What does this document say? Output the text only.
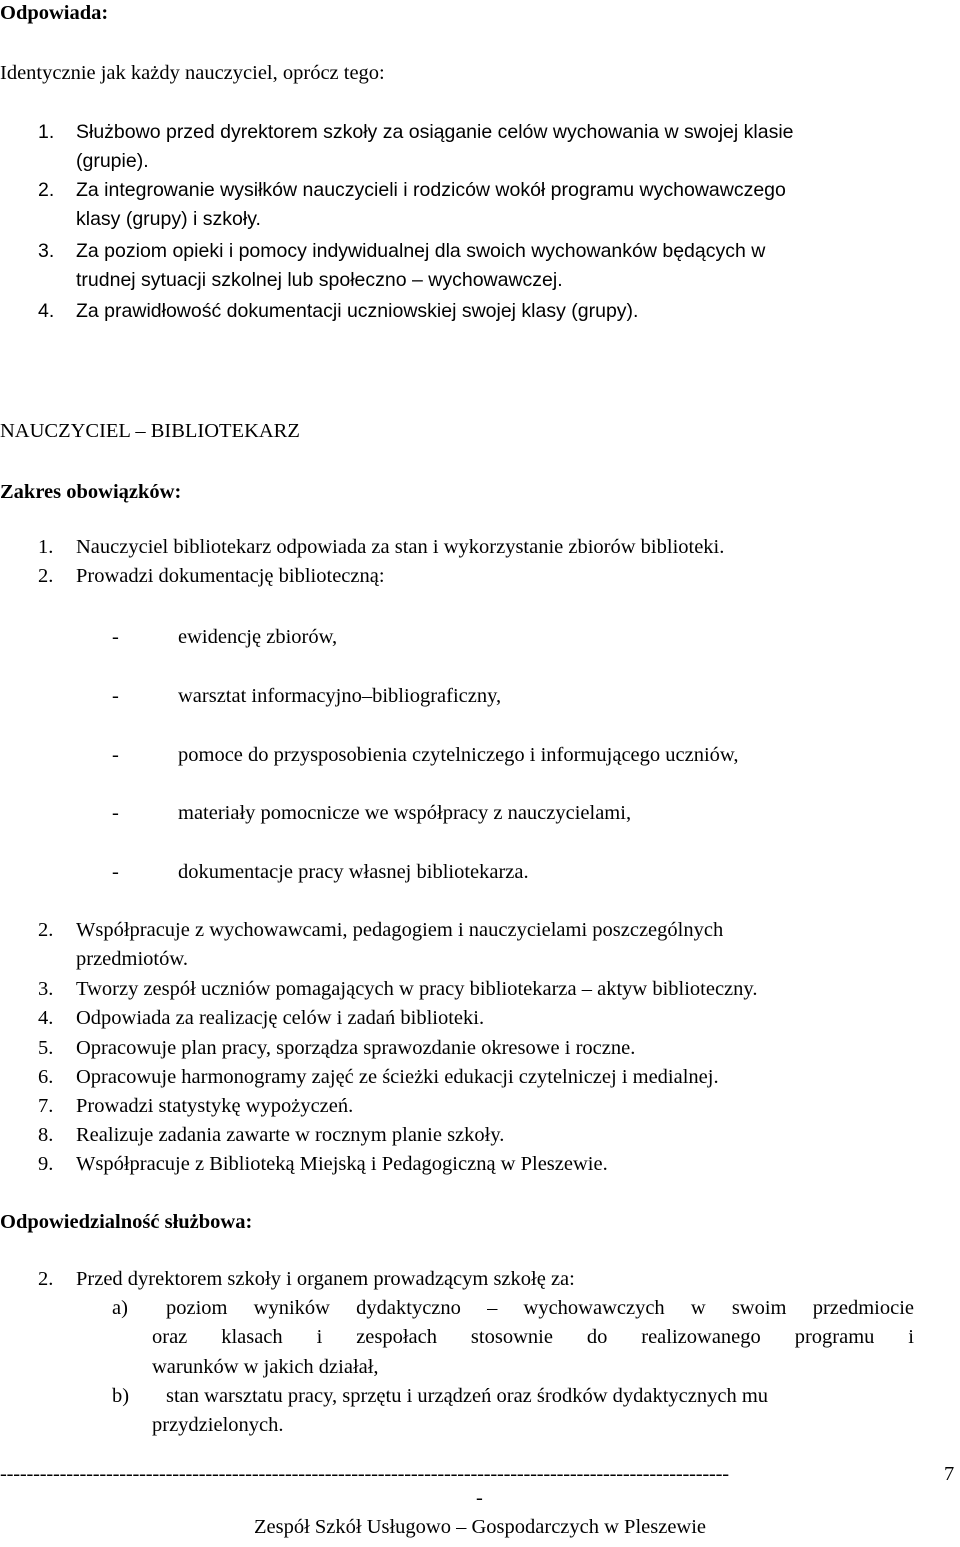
Odpowiada:
Identycznie jak każdy nauczyciel, oprócz tego:
1. Służbowo przed dyrektorem szkoły za osiąganie celów wychowania w swojej klasie
(grupie).
2. Za integrowanie wysiłków nauczycieli i rodziców wokół programu wychowawczego
klasy (grupy) i szkoły.
3. Za poziom opieki i pomocy indywidualnej dla swoich wychowanków będących w
trudnej sytuacji szkolnej lub społeczno – wychowawczej.
4. Za prawidłowość dokumentacji uczniowskiej swojej klasy (grupy).
NAUCZYCIEL – BIBLIOTEKARZ
Zakres obowiązków:
1. Nauczyciel bibliotekarz odpowiada za stan i wykorzystanie zbiorów biblioteki.
2. Prowadzi dokumentację biblioteczną:
-	ewidencję zbiorów,
-	warsztat informacyjno–bibliograficzny,
-	pomoce do przysposobienia czytelniczego i informującego uczniów,
-	materiały pomocnicze we współpracy z nauczycielami,
-	dokumentacje pracy własnej bibliotekarza.
2. Współpracuje z wychowawcami, pedagogiem i nauczycielami poszczególnych
przedmiotów.
3. Tworzy zespół uczniów pomagających w pracy bibliotekarza – aktyw biblioteczny.
4. Odpowiada za realizację celów i zadań biblioteki.
5. Opracowuje plan pracy, sporządza sprawozdanie okresowe i roczne.
6. Opracowuje harmonogramy zajęć ze ścieżki edukacji czytelniczej i medialnej.
7. Prowadzi statystykę wypożyczeń.
8. Realizuje zadania zawarte w rocznym planie szkoły.
9. Współpracuje z Biblioteką Miejską i Pedagogiczną w Pleszewie.
Odpowiedzialność służbowa:
2. Przed dyrektorem szkoły i organem prowadzącym szkołę za:
a) poziom wyników dydaktyczno – wychowawczych w swoim przedmiocie
oraz klasach i zespołach stosownie do realizowanego programu i
warunków w jakich działał,
b) stan warsztatu pracy, sprzętu i urządzeń oraz środków dydaktycznych mu
przydzielonych.
--------------------------------------------------------------------------------------------------------------	7
-
Zespół Szkół Usługowo – Gospodarczych w Pleszewie
